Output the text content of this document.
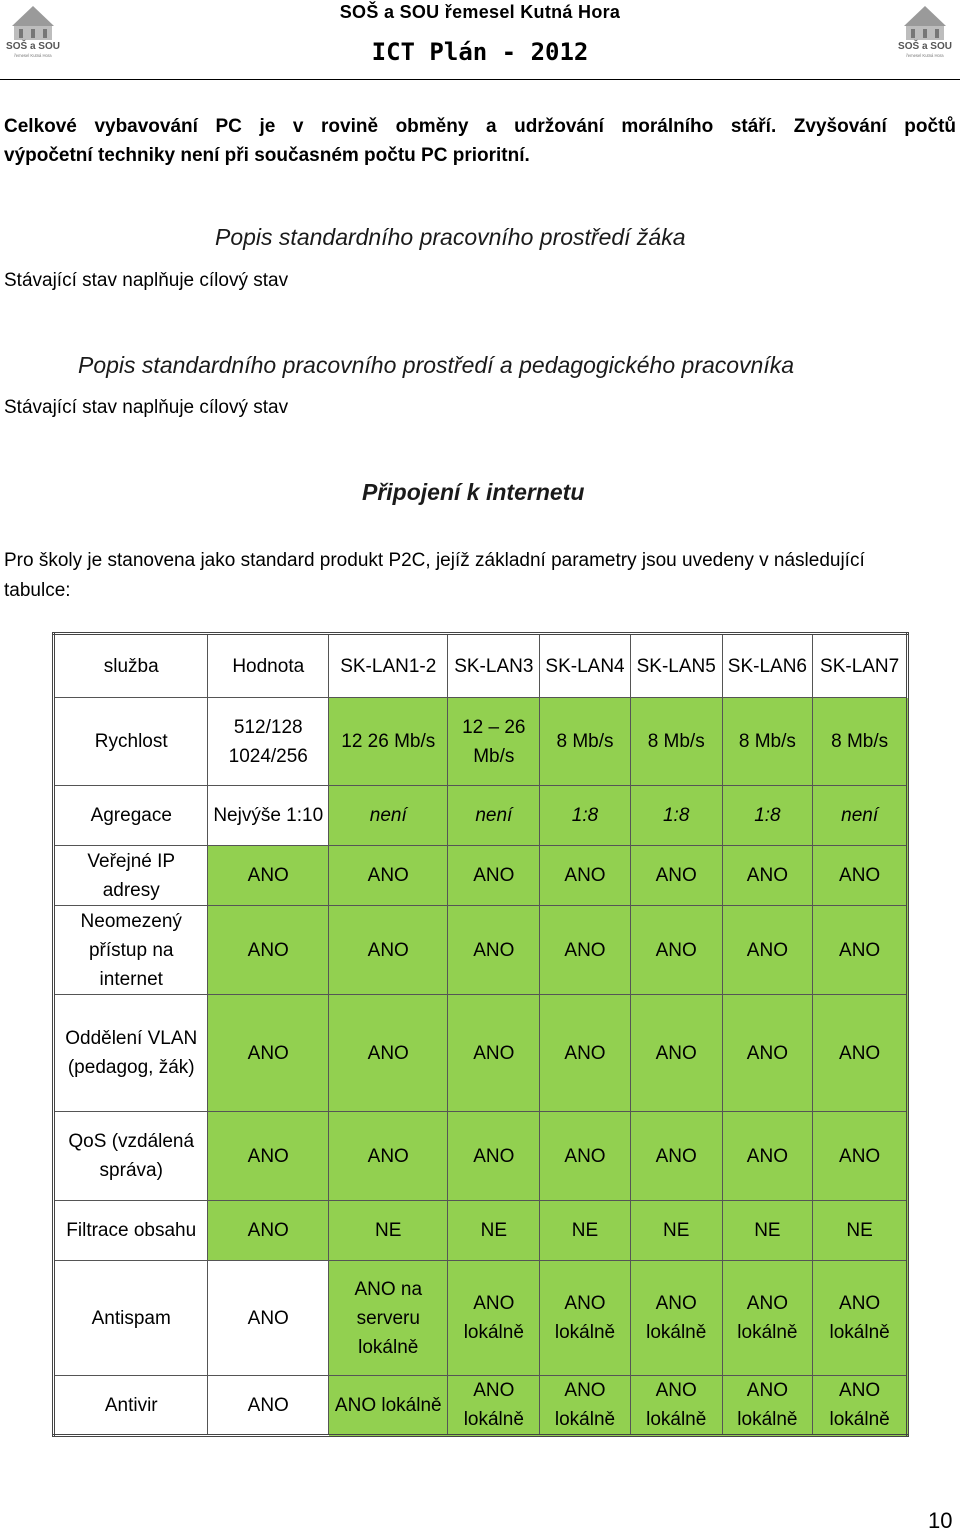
SOŠ a SOU
řemesel Kutná Hora
SOŠ a SOU
řemesel Kutná Hora
SOŠ a SOU řemesel Kutná Hora
ICT Plán - 2012
Celkové vybavování PC je v rovině obměny a udržování morálního stáří. Zvyšování počtů
výpočetní techniky není při současném počtu PC prioritní.
Popis standardního pracovního prostředí žáka
Stávající stav naplňuje cílový stav
Popis standardního pracovního prostředí a pedagogického pracovníka
Stávající stav naplňuje cílový stav
Připojení k internetu
Pro školy je stanovena jako standard produkt P2C, jejíž základní parametry jsou uvedeny v následující tabulce:
služba	Hodnota	SK-LAN1-2	SK-LAN3	SK-LAN4	SK-LAN5	SK-LAN6	SK-LAN7
Rychlost	512/128 1024/256	12 26 Mb/s	12 – 26 Mb/s	8 Mb/s	8 Mb/s	8 Mb/s	8 Mb/s
Agregace	Nejvýše 1:10	není	není	1:8	1:8	1:8	není
Veřejné IP adresy	ANO	ANO	ANO	ANO	ANO	ANO	ANO
Neomezený přístup na internet	ANO	ANO	ANO	ANO	ANO	ANO	ANO
Oddělení VLAN (pedagog, žák)	ANO	ANO	ANO	ANO	ANO	ANO	ANO
QoS (vzdálená správa)	ANO	ANO	ANO	ANO	ANO	ANO	ANO
Filtrace obsahu	ANO	NE	NE	NE	NE	NE	NE
Antispam	ANO	ANO na serveru lokálně	ANO lokálně	ANO lokálně	ANO lokálně	ANO lokálně	ANO lokálně
Antivir	ANO	ANO lokálně	ANO lokálně	ANO lokálně	ANO lokálně	ANO lokálně	ANO lokálně
10
